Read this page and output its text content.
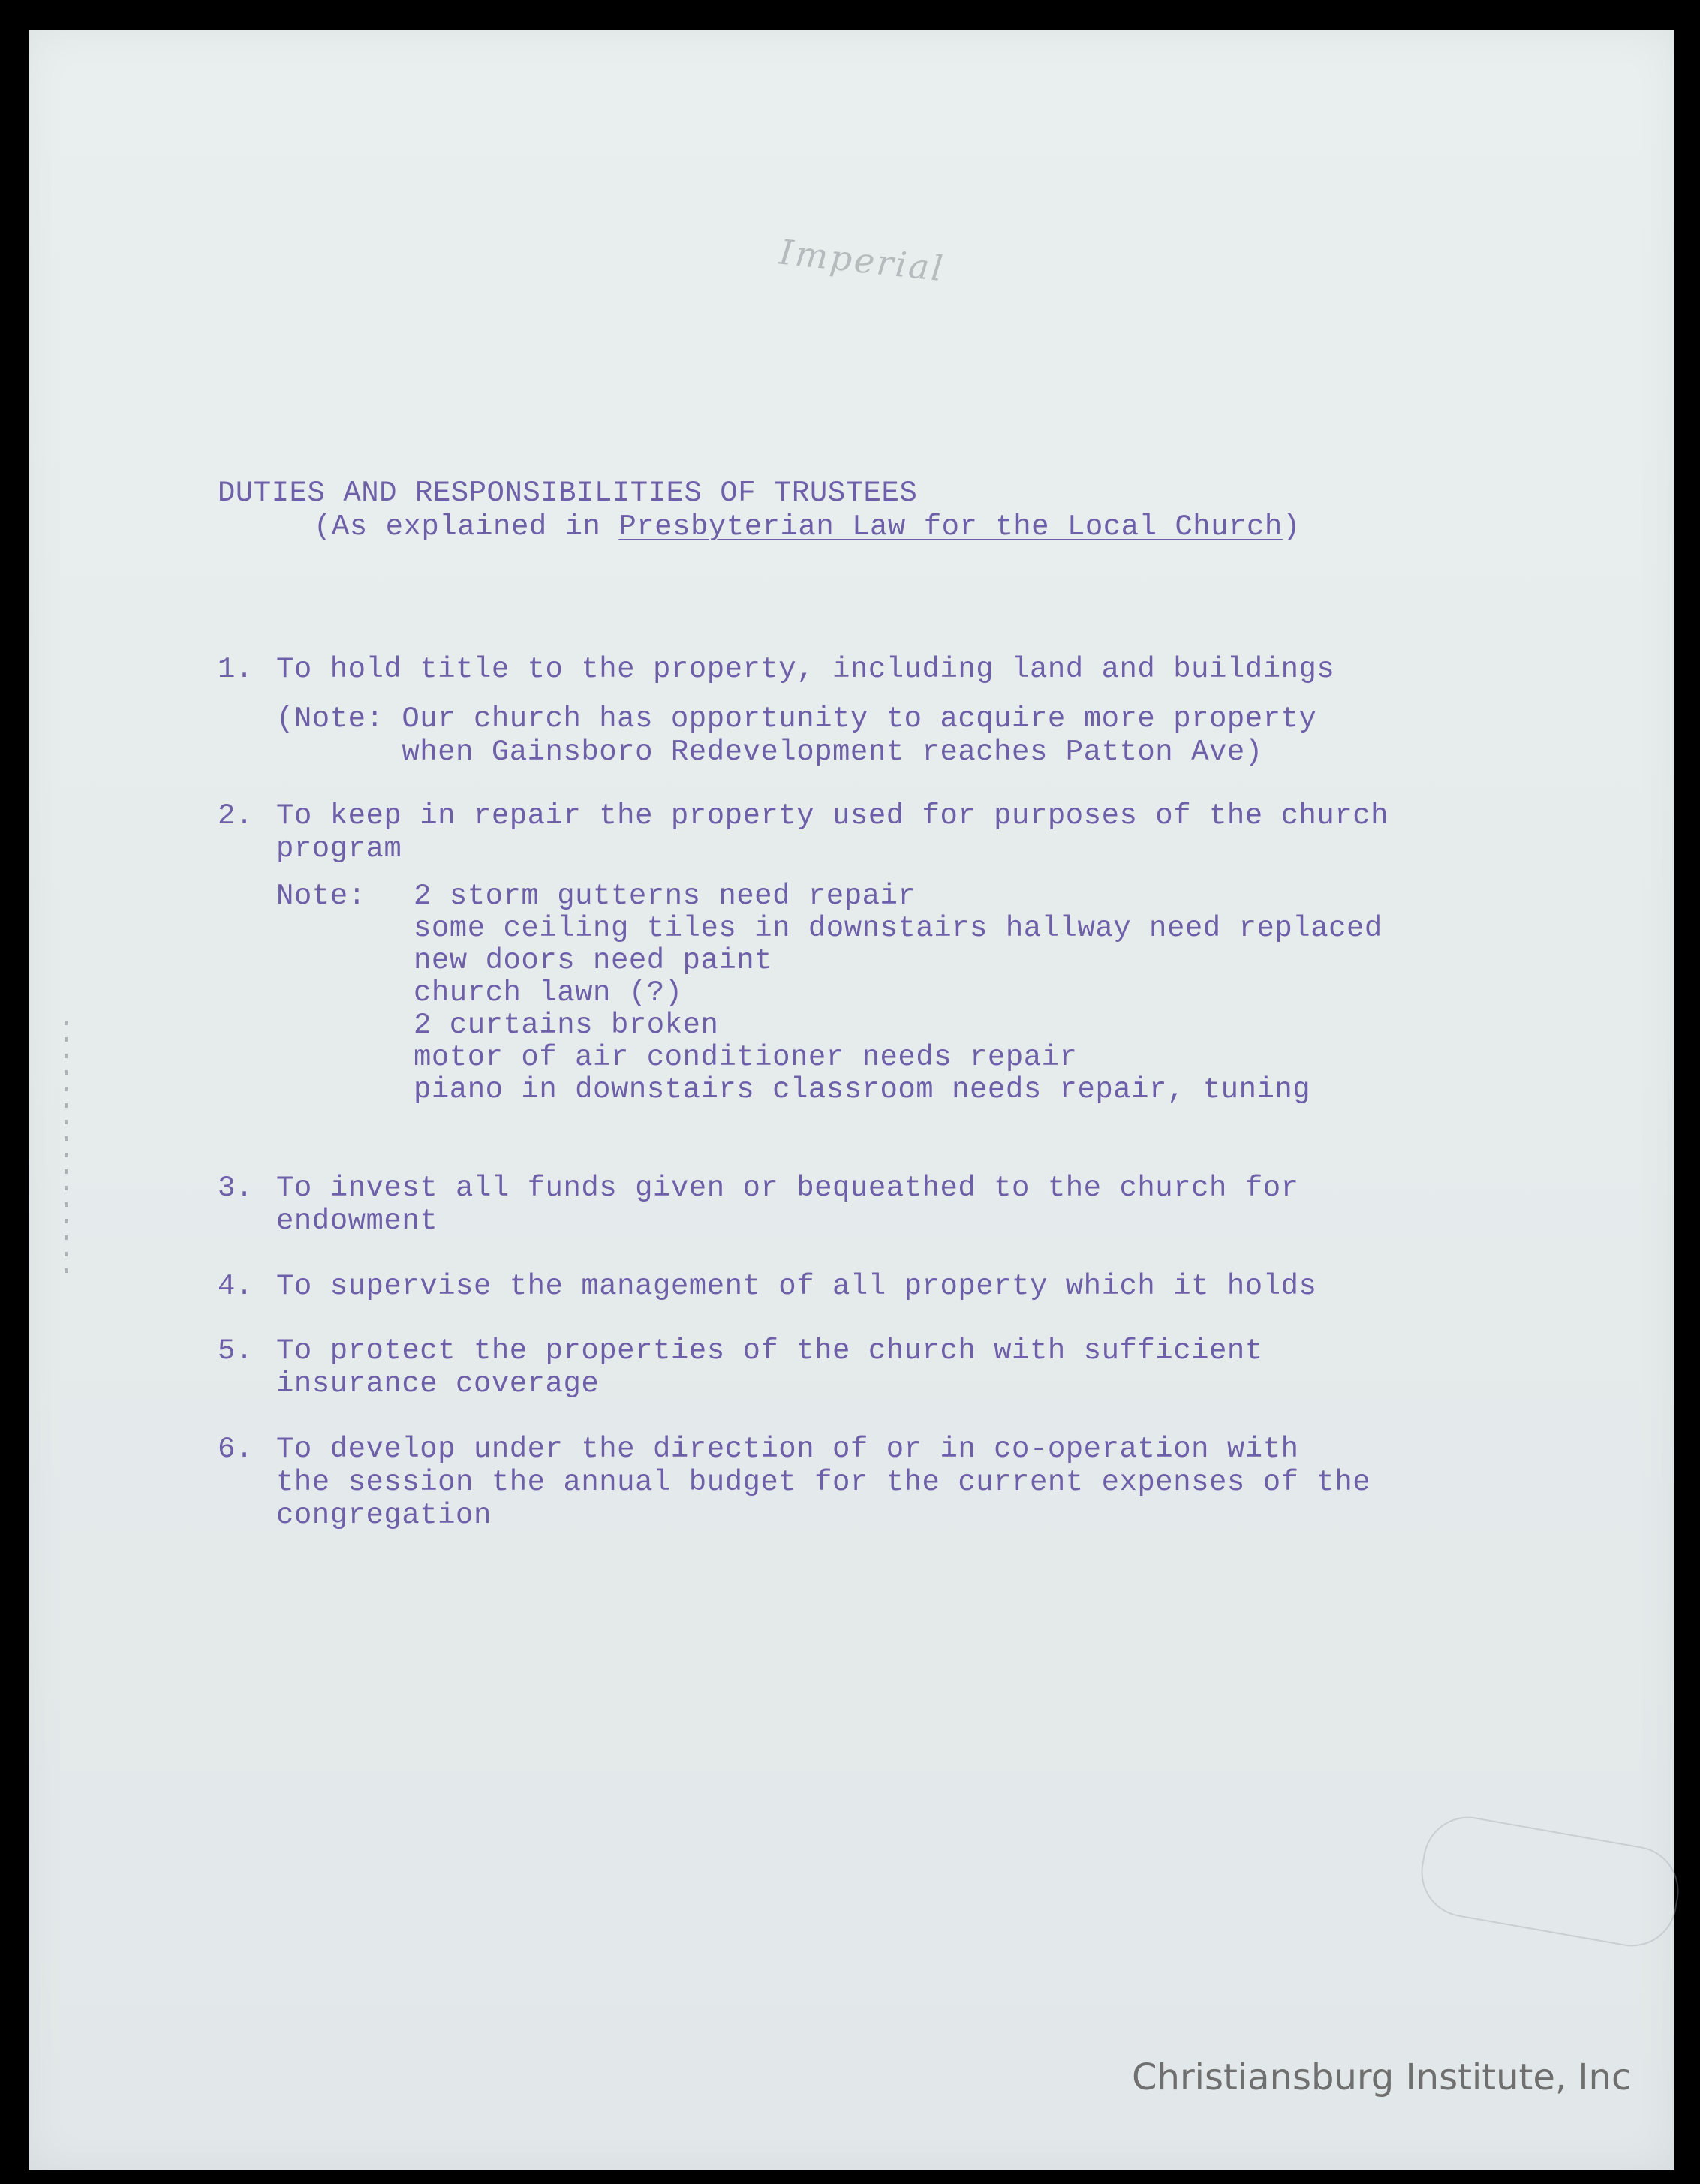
Imperial
DUTIES AND RESPONSIBILITIES OF TRUSTEES
(As explained in Presbyterian Law for the Local Church)
1. To hold title to the property, including land and buildings
(Note: Our church has opportunity to acquire more property
when Gainsboro Redevelopment reaches Patton Ave)
2. To keep in repair the property used for purposes of the church
program
Note: 2 storm gutterns need repair
some ceiling tiles in downstairs hallway need replaced
new doors need paint
church lawn (?)
2 curtains broken
motor of air conditioner needs repair
piano in downstairs classroom needs repair, tuning
3. To invest all funds given or bequeathed to the church for
endowment
4. To supervise the management of all property which it holds
5. To protect the properties of the church with sufficient
insurance coverage
6. To develop under the direction of or in co-operation with
the session the annual budget for the current expenses of the
congregation
Christiansburg Institute, Inc
